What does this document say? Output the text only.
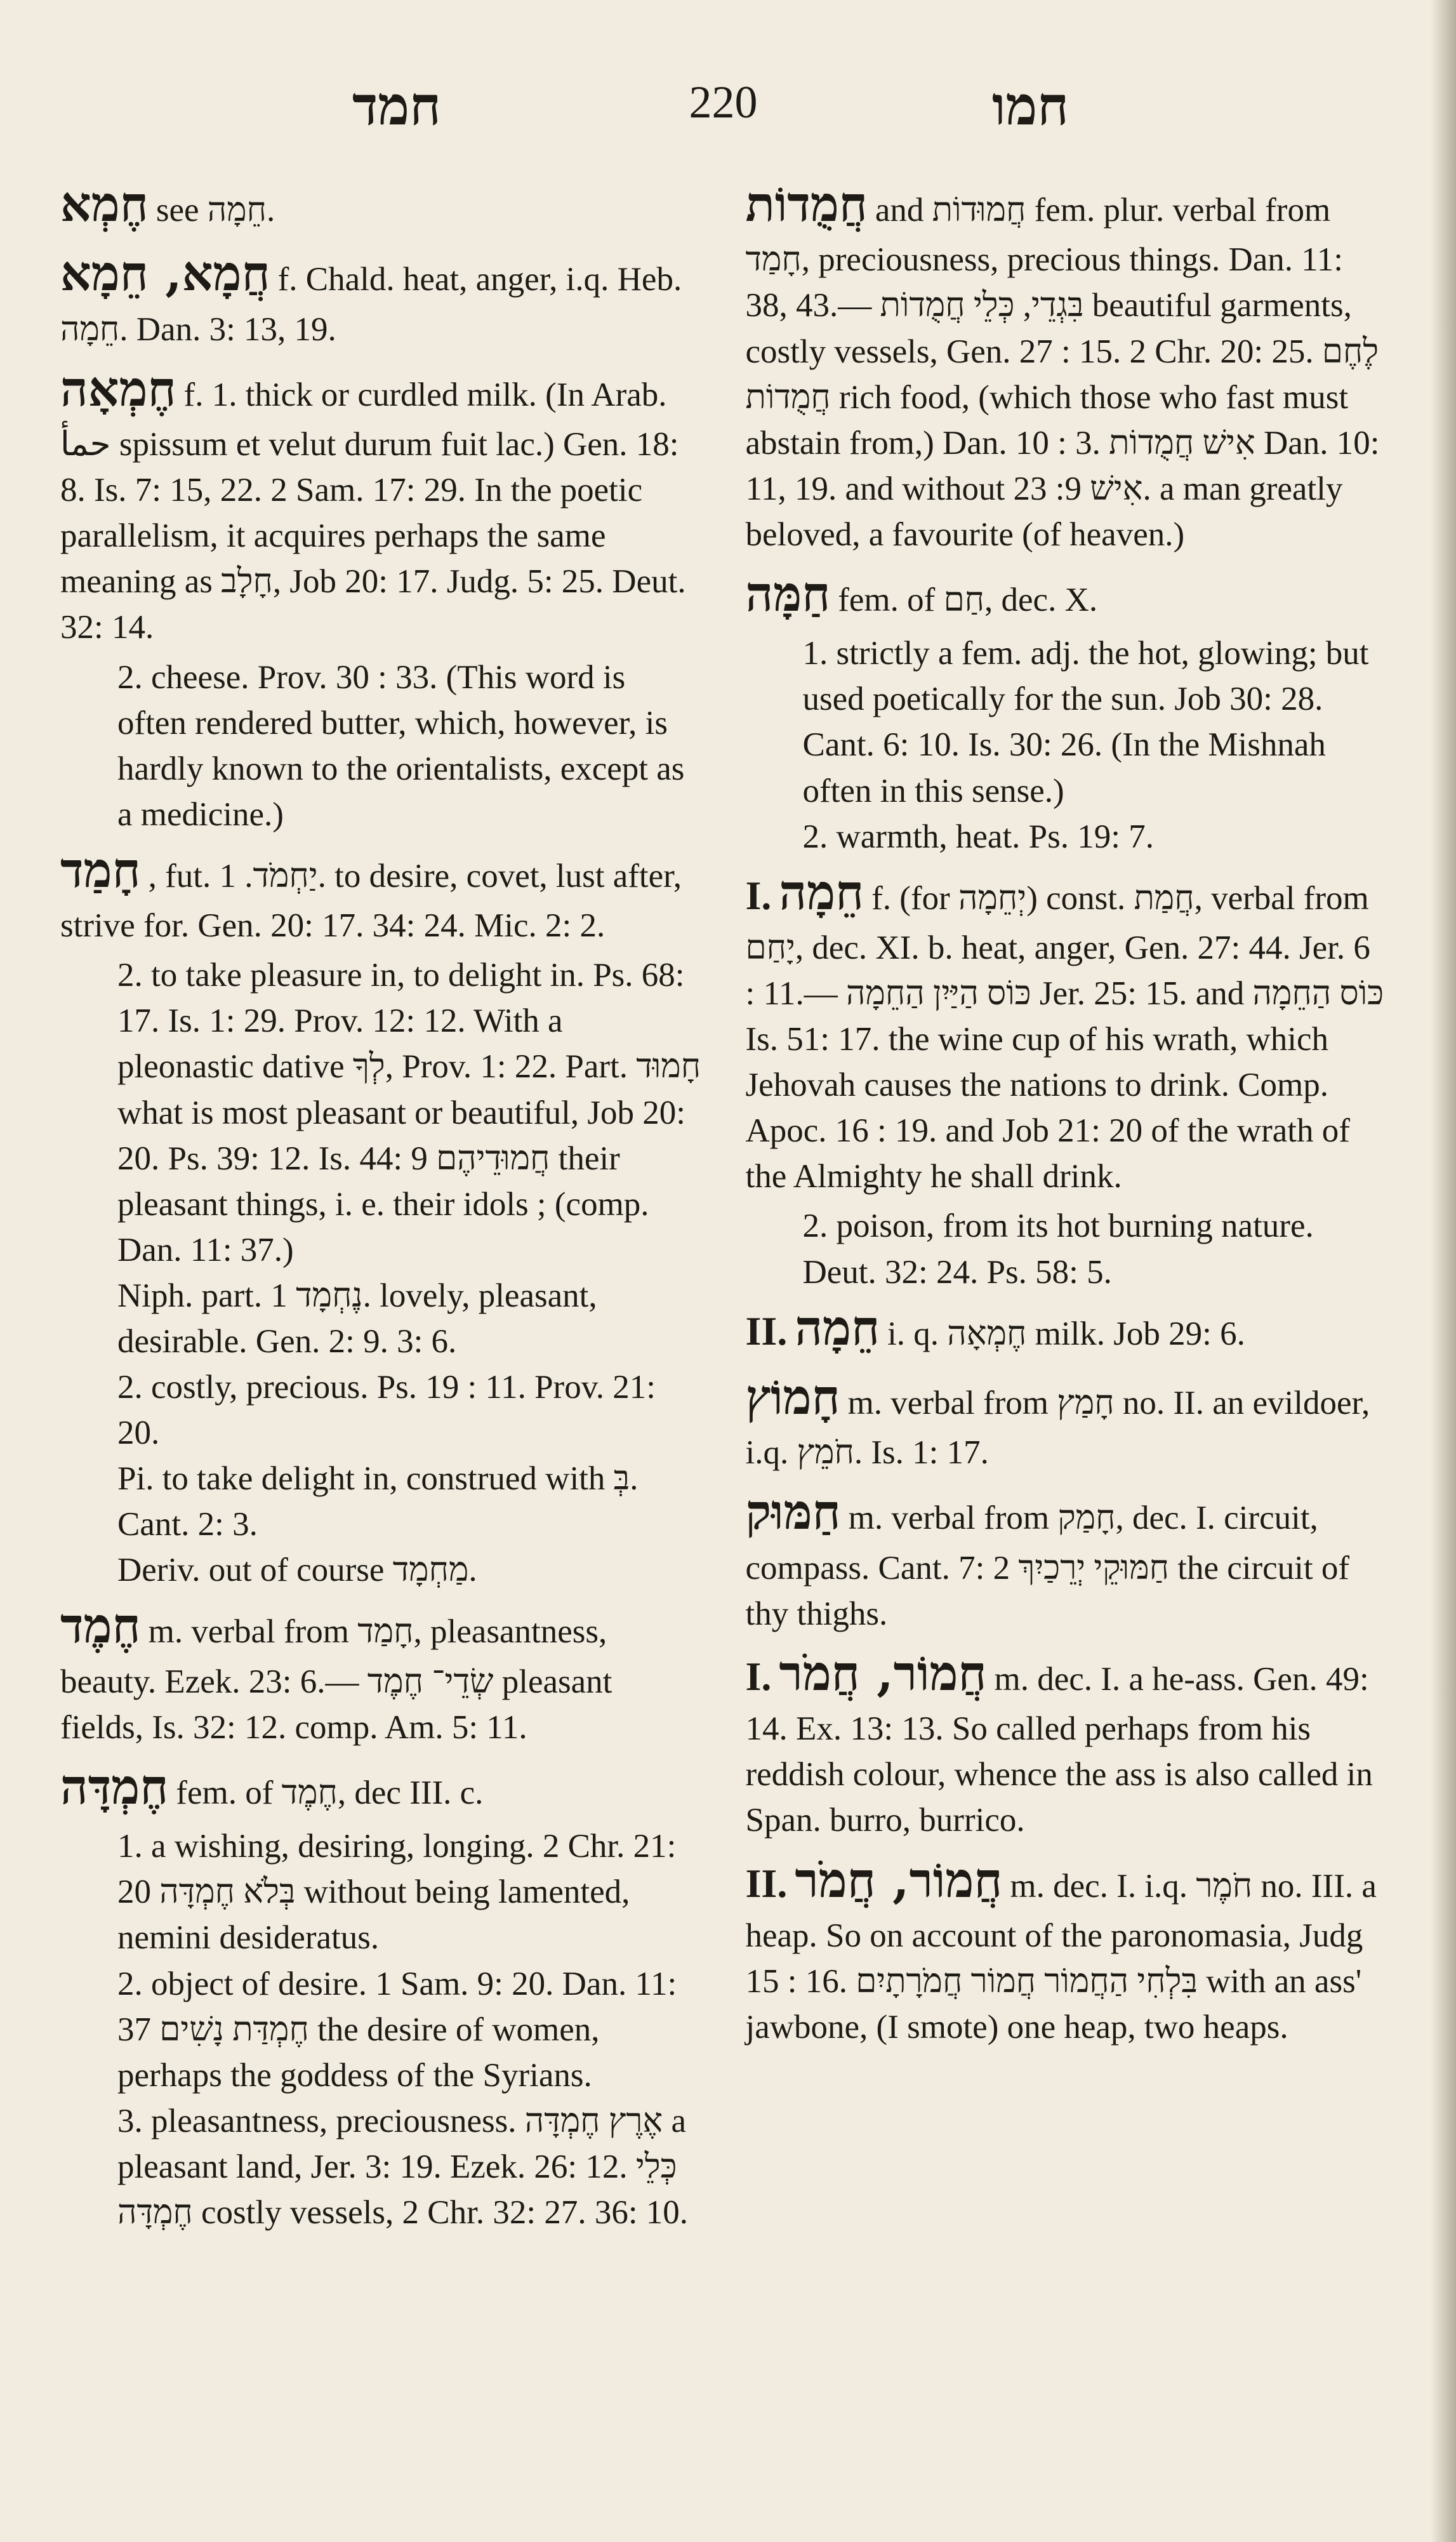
חמד	220	חמו

חֶמְא see חֵמָה.

חֲמָא, חֵמָא f. Chald. heat, anger, i.q. Heb. חֵמָה. Dan. 3: 13, 19.

חֶמְאָה f. 1. thick or curdled milk. (In Arab. حمأ spissum et velut durum fuit lac.) Gen. 18: 8. Is. 7: 15, 22. 2 Sam. 17: 29. In the poetic parallelism, it acquires perhaps the same meaning as חָלָב, Job 20: 17. Judg. 5: 25. Deut. 32: 14.

2. cheese. Prov. 30 : 33. (This word is often rendered butter, which, however, is hardly known to the orientalists, except as a medicine.)

חָמַד , fut. יַחְמֹד. 1. to desire, covet, lust after, strive for. Gen. 20: 17. 34: 24. Mic. 2: 2.

2. to take pleasure in, to delight in. Ps. 68: 17. Is. 1: 29. Prov. 12: 12. With a pleonastic dative לְךָ, Prov. 1: 22. Part. חָמוּד what is most pleasant or beautiful, Job 20: 20. Ps. 39: 12. Is. 44: 9 חֲמוּדֵיהֶם their pleasant things, i. e. their idols ; (comp. Dan. 11: 37.)

Niph. part. נֶחְמָד 1. lovely, pleasant, desirable. Gen. 2: 9. 3: 6.

2. costly, precious. Ps. 19 : 11. Prov. 21: 20.

Pi. to take delight in, construed with בְּ. Cant. 2: 3.

Deriv. out of course מַחְמָד.

חֶמֶד m. verbal from חָמַד, pleasantness, beauty. Ezek. 23: 6.— שְׂדֵי־ חֶמֶד pleasant fields, Is. 32: 12. comp. Am. 5: 11.

חֶמְדָּה fem. of חֶמֶד, dec III. c.

1. a wishing, desiring, longing. 2 Chr. 21: 20 בְּלֹא חֶמְדָּה without being lamented, nemini desideratus.

2. object of desire. 1 Sam. 9: 20. Dan. 11: 37 חֶמְדַּת נָשִׁים the desire of women, perhaps the goddess of the Syrians.

3. pleasantness, preciousness. אֶרֶץ חֶמְדָּה a pleasant land, Jer. 3: 19. Ezek. 26: 12. כְּלֵי חֶמְדָּה costly vessels, 2 Chr. 32: 27. 36: 10.

חֲמֻדוֹת and חֲמוּדוֹת fem. plur. verbal from חָמַד, preciousness, precious things. Dan. 11: 38, 43.— בִּגְדֵי, כְּלֵי חֲמֻדוֹת beautiful garments, costly vessels, Gen. 27 : 15. 2 Chr. 20: 25. לֶחֶם חֲמֻדוֹת rich food, (which those who fast must abstain from,) Dan. 10 : 3. אִישׁ חֲמֻדוֹת Dan. 10: 11, 19. and without אִישׁ 9: 23. a man greatly beloved, a favourite (of heaven.)

חַמָּה fem. of חַם, dec. X.

1. strictly a fem. adj. the hot, glowing; but used poetically for the sun. Job 30: 28. Cant. 6: 10. Is. 30: 26. (In the Mishnah often in this sense.)

2. warmth, heat. Ps. 19: 7.

I. חֵמָה f. (for יְחֵמָה) const. חֲמַת, verbal from יָחַם, dec. XI. b. heat, anger, Gen. 27: 44. Jer. 6 : 11.— כּוֹס הַיַּיִן הַחֵמָה Jer. 25: 15. and כּוֹס הַחֵמָה Is. 51: 17. the wine cup of his wrath, which Jehovah causes the nations to drink. Comp. Apoc. 16 : 19. and Job 21: 20 of the wrath of the Almighty he shall drink.

2. poison, from its hot burning nature. Deut. 32: 24. Ps. 58: 5.

II. חֵמָה i. q. חֶמְאָה milk. Job 29: 6.

חָמוֹץ m. verbal from חָמַץ no. II. an evildoer, i.q. חֹמֵץ. Is. 1: 17.

חַמּוּק m. verbal from חָמַק, dec. I. circuit, compass. Cant. 7: 2 חַמּוּקֵי יְרֵכַיִךְ the circuit of thy thighs.

I. חֲמוֹר, חֲמֹר m. dec. I. a he-ass. Gen. 49: 14. Ex. 13: 13. So called perhaps from his reddish colour, whence the ass is also called in Span. burro, burrico.

II. חֲמוֹר, חֲמֹר m. dec. I. i.q. חֹמֶר no. III. a heap. So on account of the paronomasia, Judg 15 : 16. בִּלְחִי הַחֲמוֹר חֲמוֹר חֲמֹרָתָיִם with an ass' jawbone, (I smote) one heap, two heaps.
